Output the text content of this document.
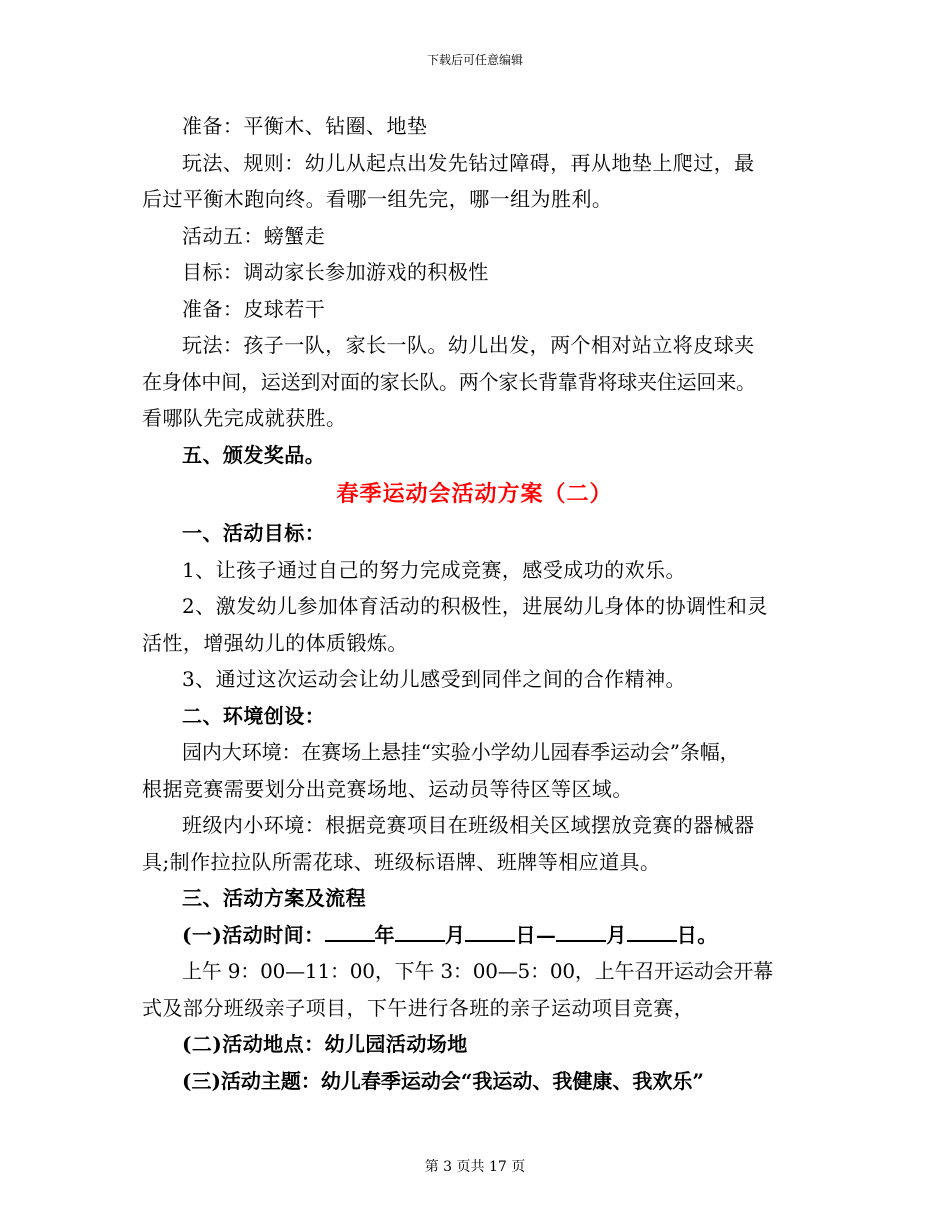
下载后可任意编辑

准备：平衡木、钻圈、地垫

玩法、规则：幼儿从起点出发先钻过障碍，再从地垫上爬过，最

后过平衡木跑向终。看哪一组先完，哪一组为胜利。

活动五：螃蟹走

目标：调动家长参加游戏的积极性

准备：皮球若干

玩法：孩子一队，家长一队。幼儿出发，两个相对站立将皮球夹

在身体中间，运送到对面的家长队。两个家长背靠背将球夹住运回来。

看哪队先完成就获胜。

五、颁发奖品。

春季运动会活动方案（二）

一、活动目标：

1、让孩子通过自己的努力完成竞赛，感受成功的欢乐。

2、激发幼儿参加体育活动的积极性，进展幼儿身体的协调性和灵

活性，增强幼儿的体质锻炼。

3、通过这次运动会让幼儿感受到同伴之间的合作精神。

二、环境创设：

园内大环境：在赛场上悬挂“实验小学幼儿园春季运动会”条幅，

根据竞赛需要划分出竞赛场地、运动员等待区等区域。

班级内小环境：根据竞赛项目在班级相关区域摆放竞赛的器械器

具;制作拉拉队所需花球、班级标语牌、班牌等相应道具。

三、活动方案及流程

(一)活动时间：	年	月	日—	月	日。

上午 9：00—11：00，下午 3：00—5：00，上午召开运动会开幕

式及部分班级亲子项目，下午进行各班的亲子运动项目竞赛，

(二)活动地点：幼儿园活动场地

(三)活动主题：幼儿春季运动会“我运动、我健康、我欢乐”

第 3 页共 17 页
